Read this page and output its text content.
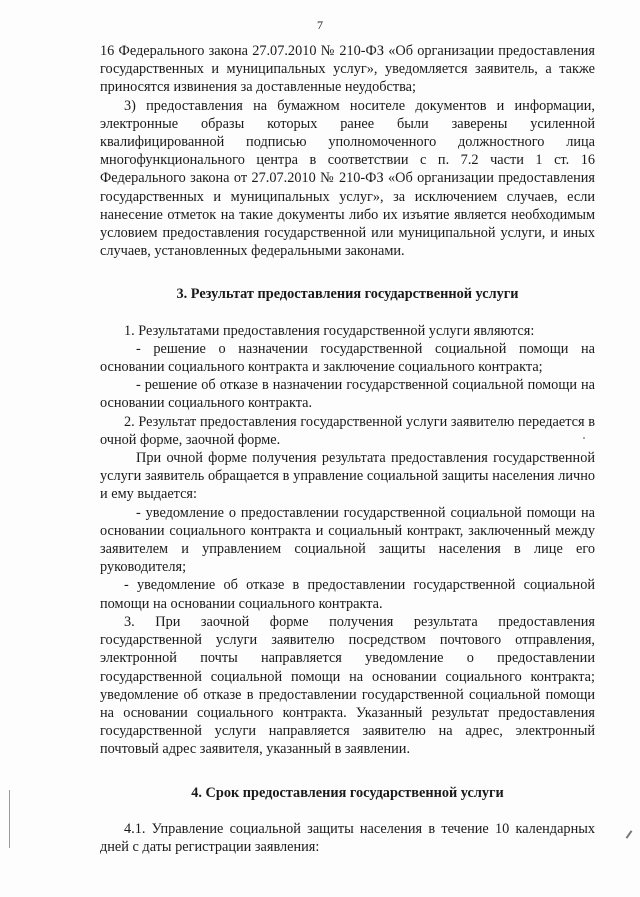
7

16 Федерального закона 27.07.2010 № 210-ФЗ «Об организации предоставления государственных и муниципальных услуг», уведомляется заявитель, а также приносятся извинения за доставленные неудобства;

3) предоставления на бумажном носителе документов и информации, электронные образы которых ранее были заверены усиленной квалифицированной подписью уполномоченного должностного лица многофункционального центра в соответствии с п. 7.2 части 1 ст. 16 Федерального закона от 27.07.2010 № 210-ФЗ «Об организации предоставления государственных и муниципальных услуг», за исключением случаев, если нанесение отметок на такие документы либо их изъятие является необходимым условием предоставления государственной или муниципальной услуги, и иных случаев, установленных федеральными законами.

3. Результат предоставления государственной услуги

1. Результатами предоставления государственной услуги являются:

- решение о назначении государственной социальной помощи на основании социального контракта и заключение социального контракта;

- решение об отказе в назначении государственной социальной помощи на основании социального контракта.

2. Результат предоставления государственной услуги заявителю передается в очной форме, заочной форме.

При очной форме получения результата предоставления государственной услуги заявитель обращается в управление социальной защиты населения лично и ему выдается:

- уведомление о предоставлении государственной социальной помощи на основании социального контракта и социальный контракт, заключенный между заявителем и управлением социальной защиты населения в лице его руководителя;

- уведомление об отказе в предоставлении государственной социальной помощи на основании социального контракта.

3. При заочной форме получения результата предоставления государственной услуги заявителю посредством почтового отправления, электронной почты направляется уведомление о предоставлении государственной социальной помощи на основании социального контракта; уведомление об отказе в предоставлении государственной социальной помощи на основании социального контракта. Указанный результат предоставления государственной услуги направляется заявителю на адрес, электронный почтовый адрес заявителя, указанный в заявлении.

4. Срок предоставления государственной услуги

4.1. Управление социальной защиты населения в течение 10 календарных дней с даты регистрации заявления:
